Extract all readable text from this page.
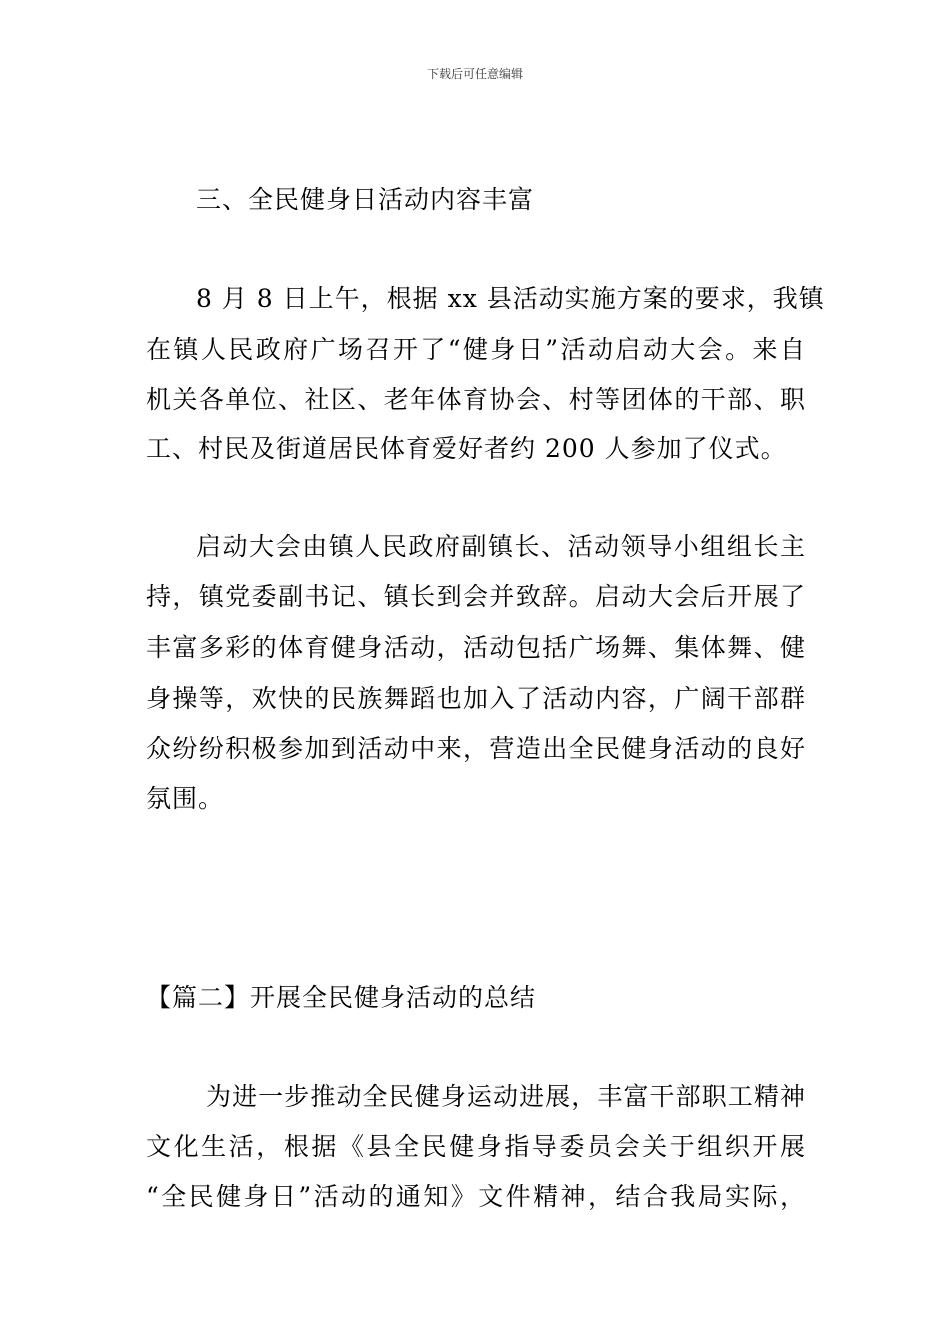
下载后可任意编辑
三、全民健身日活动内容丰富
8 月 8 日上午，根据 xx 县活动实施方案的要求，我镇
在镇人民政府广场召开了“健身日”活动启动大会。来自
机关各单位、社区、老年体育协会、村等团体的干部、职
工、村民及街道居民体育爱好者约 200 人参加了仪式。
启动大会由镇人民政府副镇长、活动领导小组组长主
持，镇党委副书记、镇长到会并致辞。启动大会后开展了
丰富多彩的体育健身活动，活动包括广场舞、集体舞、健
身操等，欢快的民族舞蹈也加入了活动内容，广阔干部群
众纷纷积极参加到活动中来，营造出全民健身活动的良好
氛围。
【篇二】开展全民健身活动的总结
为进一步推动全民健身运动进展，丰富干部职工精神
文化生活，根据《县全民健身指导委员会关于组织开展
“全民健身日”活动的通知》文件精神，结合我局实际，
